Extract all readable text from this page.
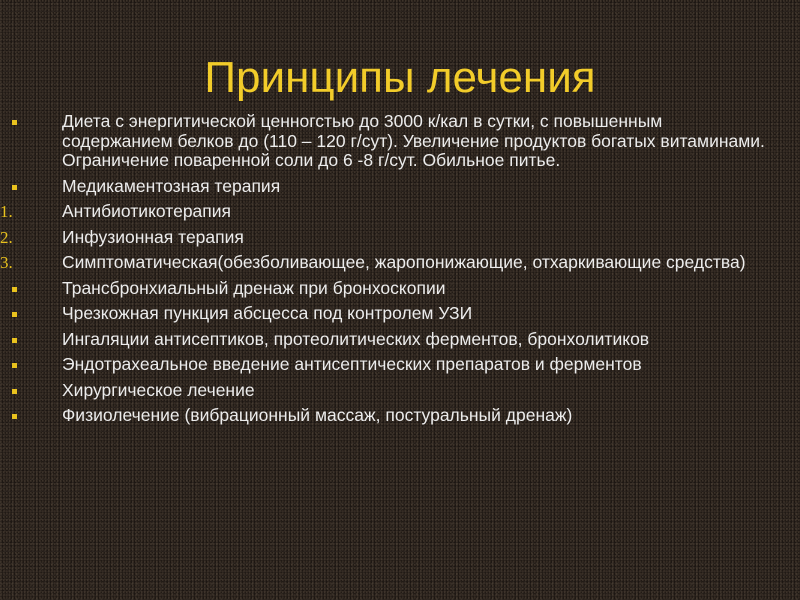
Принципы лечения
Диета с энергитической ценногстью до 3000 к/кал в сутки, с повышенным содержанием белков до (110 – 120 г/сут). Увеличение продуктов богатых витаминами. Ограничение поваренной соли до 6 -8 г/сут. Обильное питье.
Медикаментозная терапия
1.	Антибиотикотерапия
2.	Инфузионная терапия
3.	Симптоматическая(обезболивающее, жаропонижающие, отхаркивающие средства)
Трансбронхиальный дренаж при бронхоскопии
Чрезкожная пункция абсцесса под контролем УЗИ
Ингаляции антисептиков, протеолитических ферментов, бронхолитиков
Эндотрахеальное введение антисептических препаратов и ферментов
Хирургическое лечение
Физиолечение (вибрационный массаж, постуральный дренаж)
